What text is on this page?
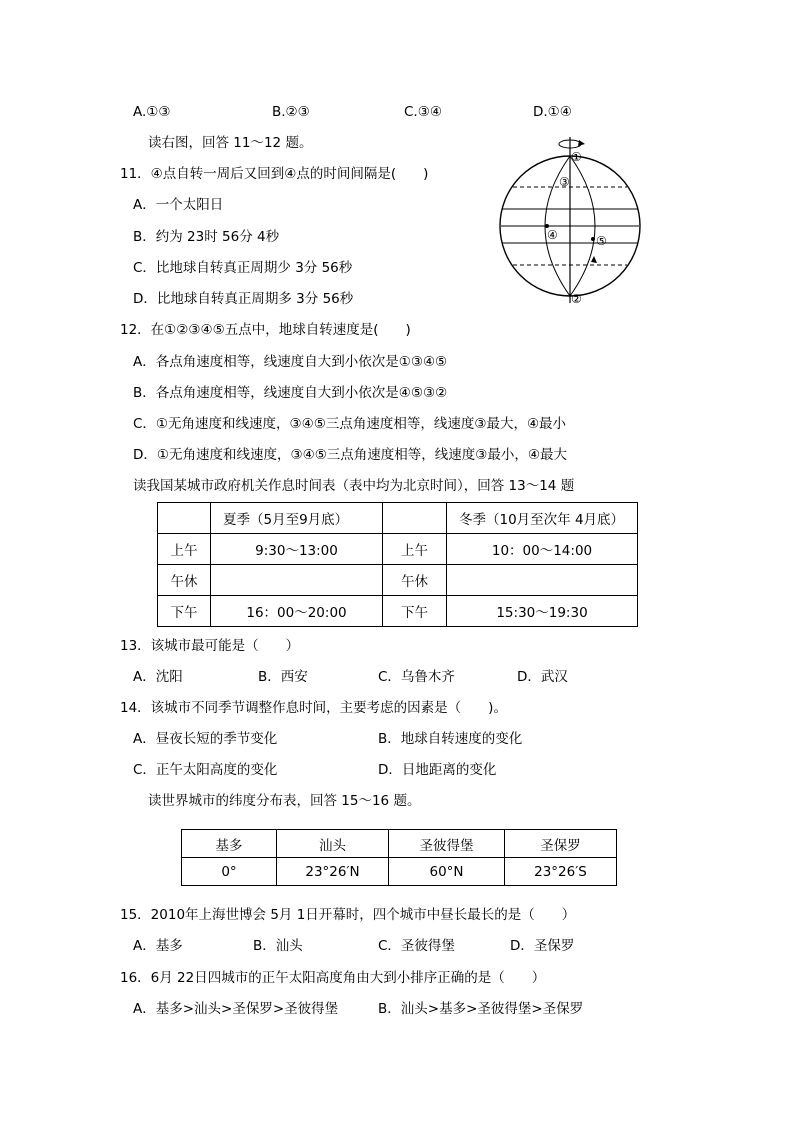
A.①③	B.②③	C.③④	D.①④
读右图，回答 11～12 题。
11．④点自转一周后又回到④点的时间间隔是(　　)
A．一个太阳日
B．约为 23时 56分 4秒
C．比地球自转真正周期少 3分 56秒
D．比地球自转真正周期多 3分 56秒
①
②
③
④	⑤
12．在①②③④⑤五点中，地球自转速度是(　　)
A．各点角速度相等，线速度自大到小依次是①③④⑤
B．各点角速度相等，线速度自大到小依次是④⑤③②
C．①无角速度和线速度，③④⑤三点角速度相等，线速度③最大，④最小
D．①无角速度和线速度，③④⑤三点角速度相等，线速度③最小，④最大
读我国某城市政府机关作息时间表（表中均为北京时间），回答 13～14 题
	夏季（5月至9月底）		冬季（10月至次年 4月底）
上午	9:30～13:00	上午	10：00～14:00
午休		午休	
下午	16：00～20:00	下午	15:30～19:30
13．该城市最可能是（　　）
A．沈阳	B．西安	C．乌鲁木齐	D．武汉
14．该城市不同季节调整作息时间，主要考虑的因素是（　　)。
A．昼夜长短的季节变化	B．地球自转速度的变化
C．正午太阳高度的变化	D．日地距离的变化
读世界城市的纬度分布表，回答 15～16 题。
基多	汕头	圣彼得堡	圣保罗
0°	23°26′N	60°N	23°26′S
15．2010年上海世博会 5月 1日开幕时，四个城市中昼长最长的是（　　）
A．基多	B．汕头	C．圣彼得堡	D．圣保罗
16．6月 22日四城市的正午太阳高度角由大到小排序正确的是（　　）
A．基多>汕头>圣保罗>圣彼得堡	B．汕头>基多>圣彼得堡>圣保罗
